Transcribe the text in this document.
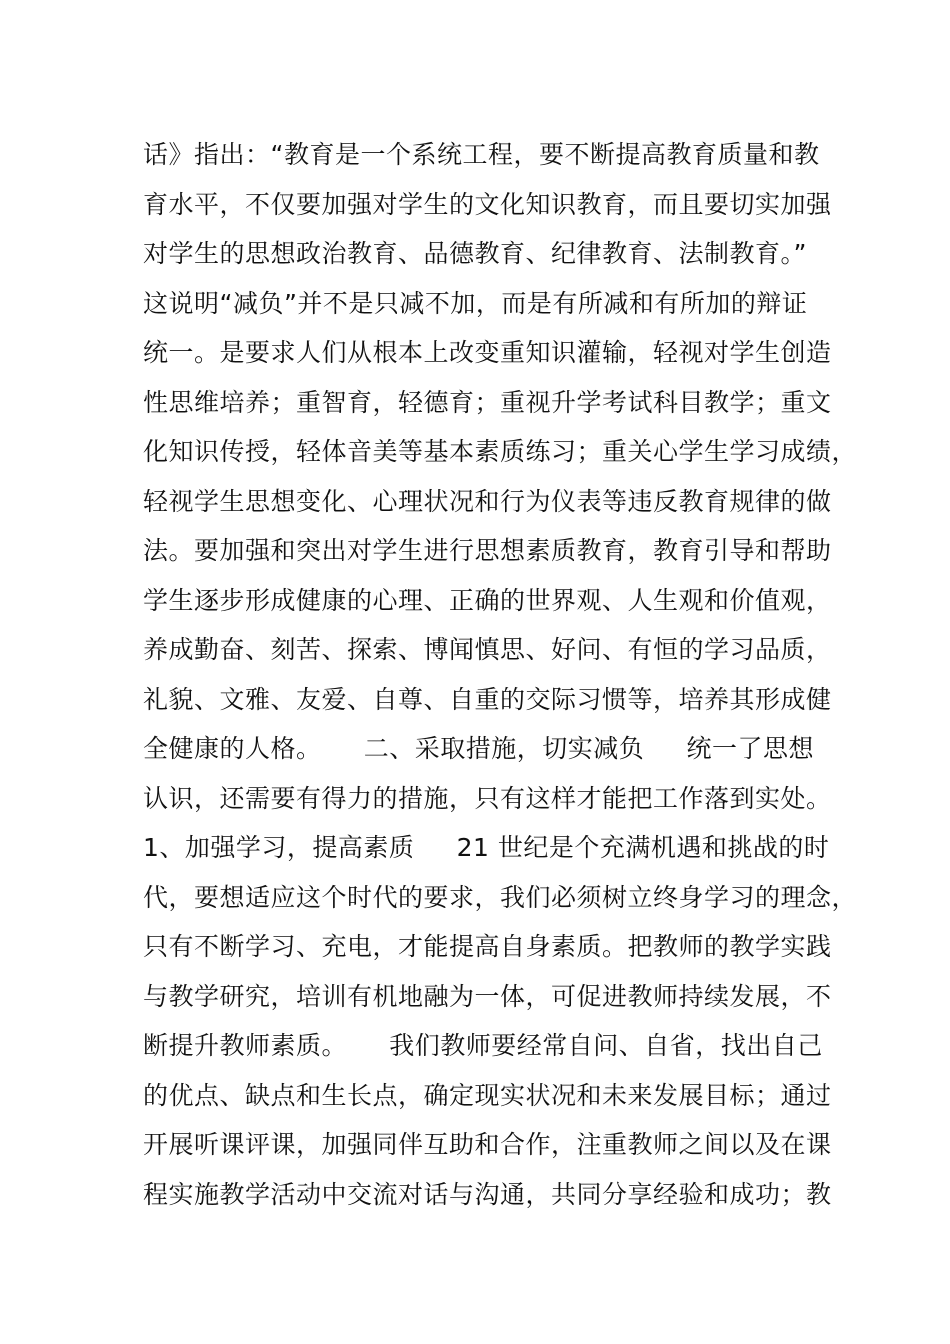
话》指出：“教育是一个系统工程，要不断提高教育质量和教
育水平，不仅要加强对学生的文化知识教育，而且要切实加强
对学生的思想政治教育、品德教育、纪律教育、法制教育。”
这说明“减负”并不是只减不加，而是有所减和有所加的辩证
统一。是要求人们从根本上改变重知识灌输，轻视对学生创造
性思维培养；重智育，轻德育；重视升学考试科目教学；重文
化知识传授，轻体音美等基本素质练习；重关心学生学习成绩，
轻视学生思想变化、心理状况和行为仪表等违反教育规律的做
法。要加强和突出对学生进行思想素质教育，教育引导和帮助
学生逐步形成健康的心理、正确的世界观、人生观和价值观，
养成勤奋、刻苦、探索、博闻慎思、好问、有恒的学习品质，
礼貌、文雅、友爱、自尊、自重的交际习惯等，培养其形成健
全健康的人格。     二、采取措施，切实减负     统一了思想
认识，还需要有得力的措施，只有这样才能把工作落到实处。
1、加强学习，提高素质     21 世纪是个充满机遇和挑战的时
代，要想适应这个时代的要求，我们必须树立终身学习的理念，
只有不断学习、充电，才能提高自身素质。把教师的教学实践
与教学研究，培训有机地融为一体，可促进教师持续发展，不
断提升教师素质。     我们教师要经常自问、自省，找出自己
的优点、缺点和生长点，确定现实状况和未来发展目标；通过
开展听课评课，加强同伴互助和合作，注重教师之间以及在课
程实施教学活动中交流对话与沟通，共同分享经验和成功；教
